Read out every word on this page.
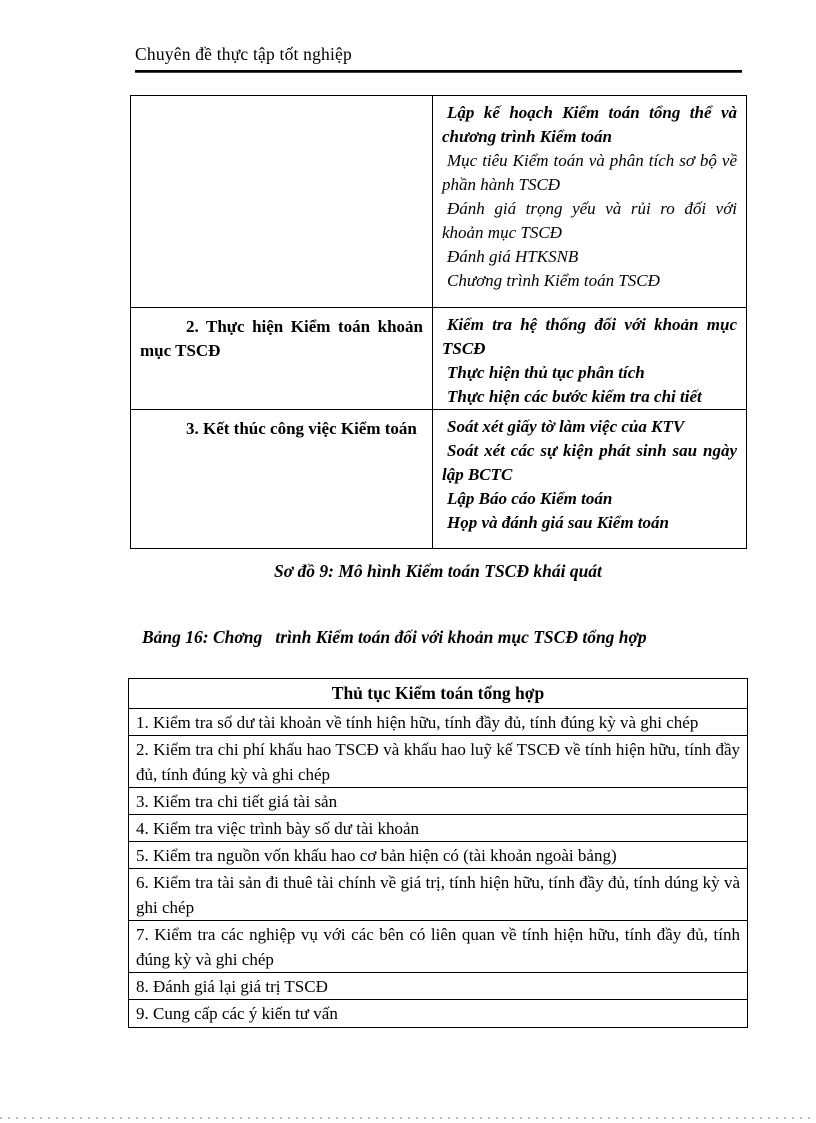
Chuyên đề thực tập tốt nghiệp

	Lập kế hoạch Kiểm toán tổng thể và chương trình Kiểm toán

Mục tiêu Kiểm toán và phân tích sơ bộ về phần hành TSCĐ

Đánh giá trọng yếu và rủi ro đối với khoản mục TSCĐ

Đánh giá HTKSNB

Chương trình Kiểm toán TSCĐ

2. Thực hiện Kiểm toán khoản mục TSCĐ	Kiểm tra hệ thống đối với khoản mục TSCĐ

Thực hiện thủ tục phân tích

Thực hiện các bước kiểm tra chi tiết

3. Kết thúc công việc Kiểm toán	Soát xét giấy tờ làm việc của KTV

Soát xét các sự kiện phát sinh sau ngày lập BCTC

Lập Báo cáo Kiểm toán

Họp và đánh giá sau Kiểm toán

Sơ đồ 9: Mô hình Kiểm toán TSCĐ khái quát
Bảng 16: Chơng   trình Kiểm toán đối với khoản mục TSCĐ tổng hợp
Thủ tục Kiểm toán tổng hợp
1. Kiểm tra số dư tài khoản về tính hiện hữu, tính đầy đủ, tính đúng kỳ và ghi chép
2. Kiểm tra chi phí khấu hao TSCĐ và khấu hao luỹ kế TSCĐ về tính hiện hữu, tính đầy đủ, tính đúng kỳ và ghi chép
3. Kiểm tra chi tiết giá tài sản
4. Kiểm tra việc trình bày số dư tài khoản
5. Kiểm tra nguồn vốn khấu hao cơ bản hiện có (tài khoản ngoài bảng)
6. Kiểm tra tài sản đi thuê tài chính về giá trị, tính hiện hữu, tính đầy đủ, tính dúng kỳ và ghi chép
7. Kiểm tra các nghiệp vụ với các bên có liên quan về tính hiện hữu, tính đầy đủ, tính đúng kỳ và ghi chép
8. Đánh giá lại giá trị TSCĐ
9. Cung cấp các ý kiến tư vấn
